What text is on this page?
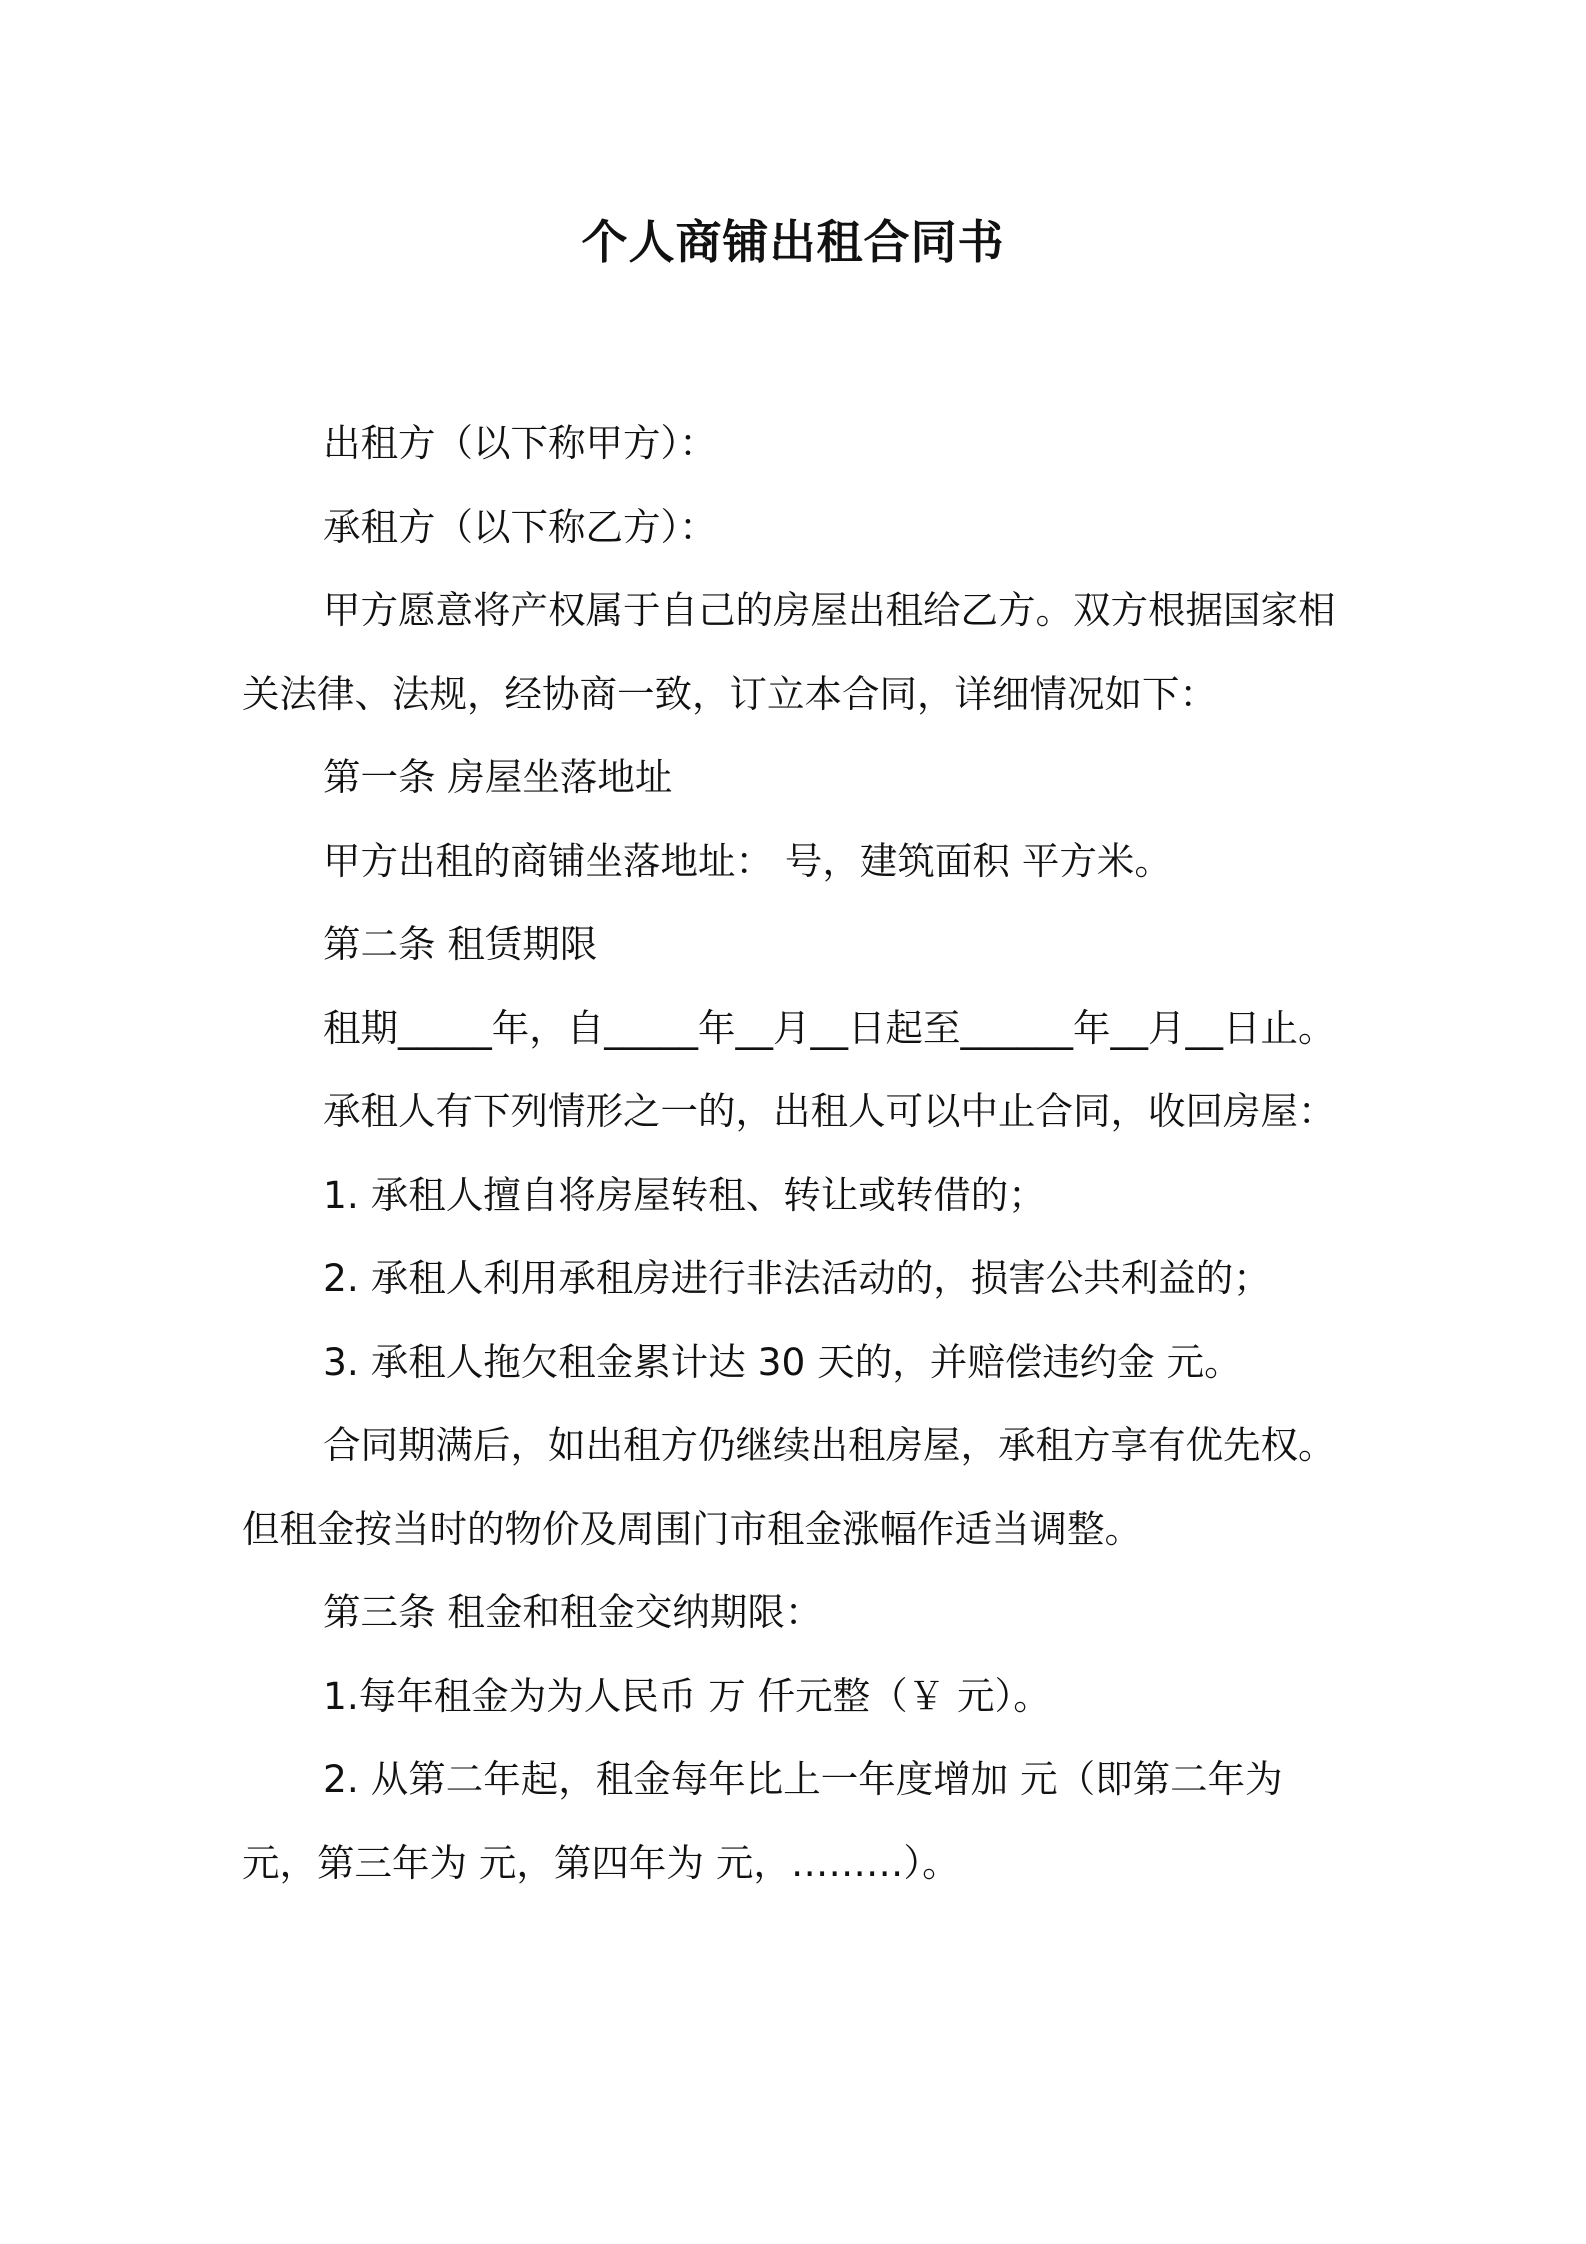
个人商铺出租合同书

出租方（以下称甲方）：

承租方（以下称乙方）：

甲方愿意将产权属于自己的房屋出租给乙方。双方根据国家相关法律、法规，经协商一致，订立本合同，详细情况如下：

第一条 房屋坐落地址

甲方出租的商铺坐落地址： 号，建筑面积 平方米。

第二条 租赁期限

租期_____年，自_____年__月__日起至______年__月__日止。

承租人有下列情形之一的，出租人可以中止合同，收回房屋：

1. 承租人擅自将房屋转租、转让或转借的；

2. 承租人利用承租房进行非法活动的，损害公共利益的；

3. 承租人拖欠租金累计达 30 天的，并赔偿违约金 元。

合同期满后，如出租方仍继续出租房屋，承租方享有优先权。但租金按当时的物价及周围门市租金涨幅作适当调整。

第三条 租金和租金交纳期限：

1.每年租金为为人民币 万 仟元整（￥ 元）。

2. 从第二年起，租金每年比上一年度增加 元（即第二年为元，第三年为 元，第四年为 元，………）。
